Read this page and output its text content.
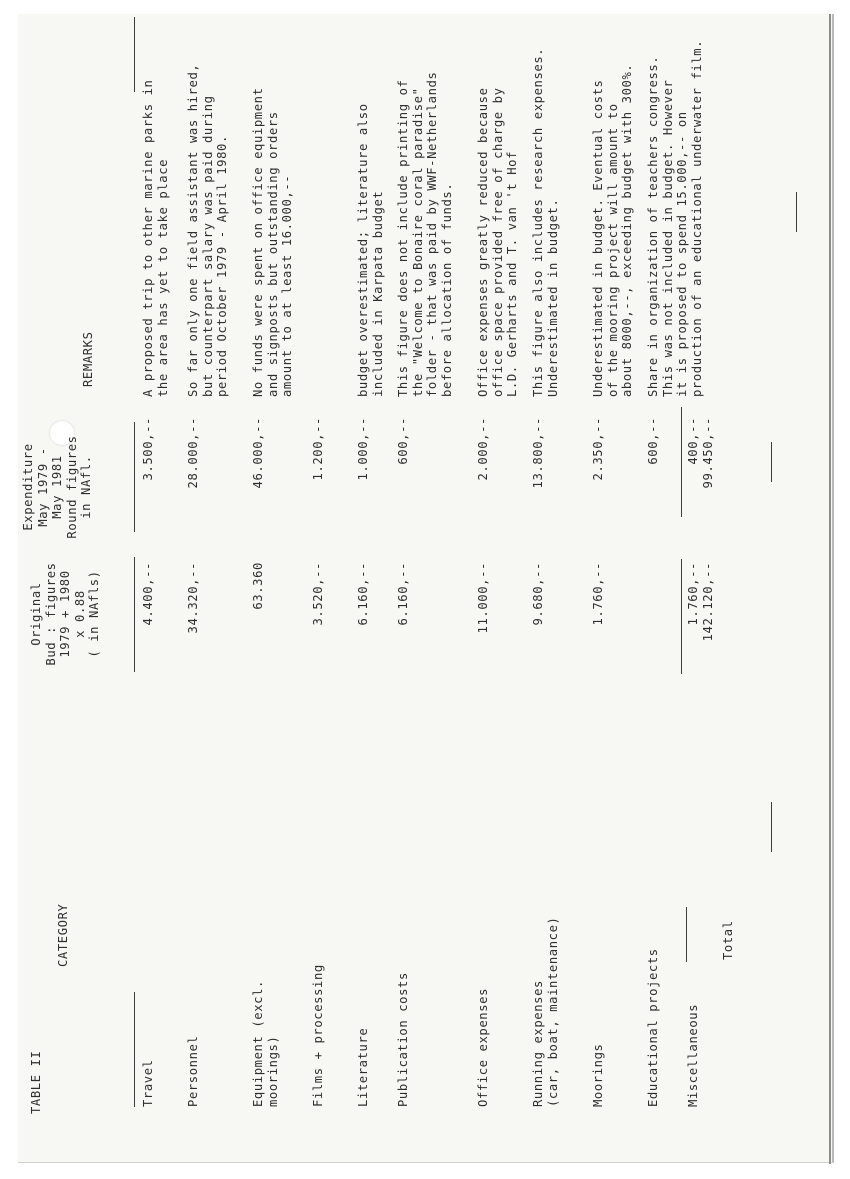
TABLE II
CATEGORY
Original Bud : figures 1979 + 1980 x 0.88 ( in NAfls)
Expenditure May 1979 - May 1981 Round figures in NAfl.
REMARKS
Travel
4.400,--
3.500,--
A proposed trip to other marine parks in the area has yet to take place
Personnel
34.320,--
28.000,--
So far only one field assistant was hired, but counterpart salary was paid during period October 1979 - April 1980.
Equipment (excl. moorings)
63.360
46.000,--
No funds were spent on office equipment and signposts but outstanding orders amount to at least 16.000,--
Films + processing
3.520,--
1.200,--
Literature
6.160,--
1.000,--
budget overestimated; literature also included in Karpata budget
Publication costs
6.160,--
600,--
This figure does not include printing of the "Welcome to Bonaire coral paradise" folder - that was paid by WWF-Netherlands before allocation of funds.
Office expenses
11.000,--
2.000,--
Office expenses greatly reduced because office space provided free of charge by L.D. Gerharts and T. van 't Hof
Running expenses (car, boat, maintenance)
9.680,--
13.800,--
This figure also includes research expenses. Underestimated in budget.
Moorings
1.760,--
2.350,--
Underestimated in budget. Eventual costs of the mooring project will amount to about 8000,--, exceeding budget with 300%.
Educational projects
600,--
Share in organization of teachers congress. This was not included in budget. However it is proposed to spend 15.000,-- on production of an educational underwater film.
Miscellaneous
1.760,--
400,--
Total
142.120,--
99.450,--
